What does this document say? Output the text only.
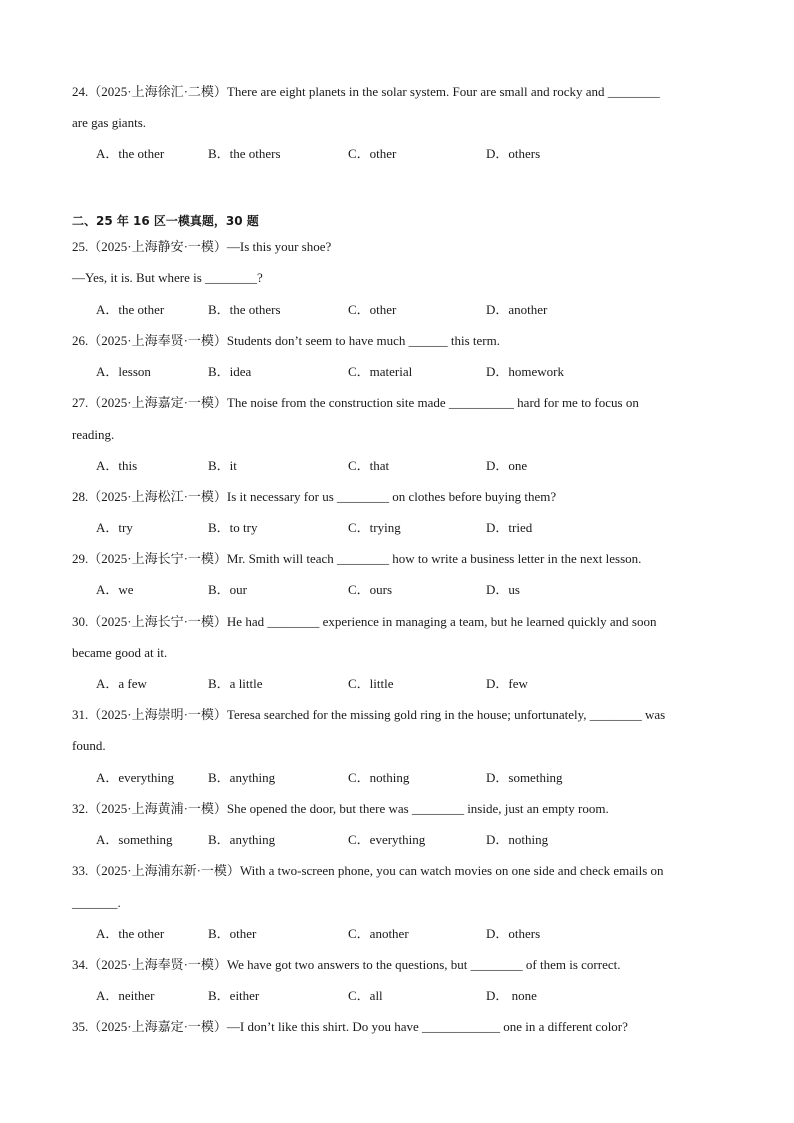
24.（2025·上海徐汇·二模）There are eight planets in the solar system. Four are small and rocky and ________
are gas giants.
A．the other	B．the others	C．other	D．others
二、25 年 16 区一模真题，30 题
25.（2025·上海静安·一模）—Is this your shoe?
—Yes, it is. But where is ________?
A．the other	B．the others	C．other	D．another
26.（2025·上海奉贤·一模）Students don’t seem to have much ______ this term.
A．lesson	B．idea	C．material	D．homework
27.（2025·上海嘉定·一模）The noise from the construction site made __________ hard for me to focus on
reading.
A．this	B．it	C．that	D．one
28.（2025·上海松江·一模）Is it necessary for us ________ on clothes before buying them?
A．try	B．to try	C．trying	D．tried
29.（2025·上海长宁·一模）Mr. Smith will teach ________ how to write a business letter in the next lesson.
A．we	B．our	C．ours	D．us
30.（2025·上海长宁·一模）He had ________ experience in managing a team, but he learned quickly and soon
became good at it.
A．a few	B．a little	C．little	D．few
31.（2025·上海崇明·一模）Teresa searched for the missing gold ring in the house; unfortunately, ________ was
found.
A．everything	B．anything	C．nothing	D．something
32.（2025·上海黄浦·一模）She opened the door, but there was ________ inside, just an empty room.
A．something	B．anything	C．everything	D．nothing
33.（2025·上海浦东新·一模）With a two-screen phone, you can watch movies on one side and check emails on
_______.
A．the other	B．other	C．another	D．others
34.（2025·上海奉贤·一模）We have got two answers to the questions, but ________ of them is correct.
A．neither	B．either	C．all	D． none
35.（2025·上海嘉定·一模）—I don’t like this shirt. Do you have ____________ one in a different color?
